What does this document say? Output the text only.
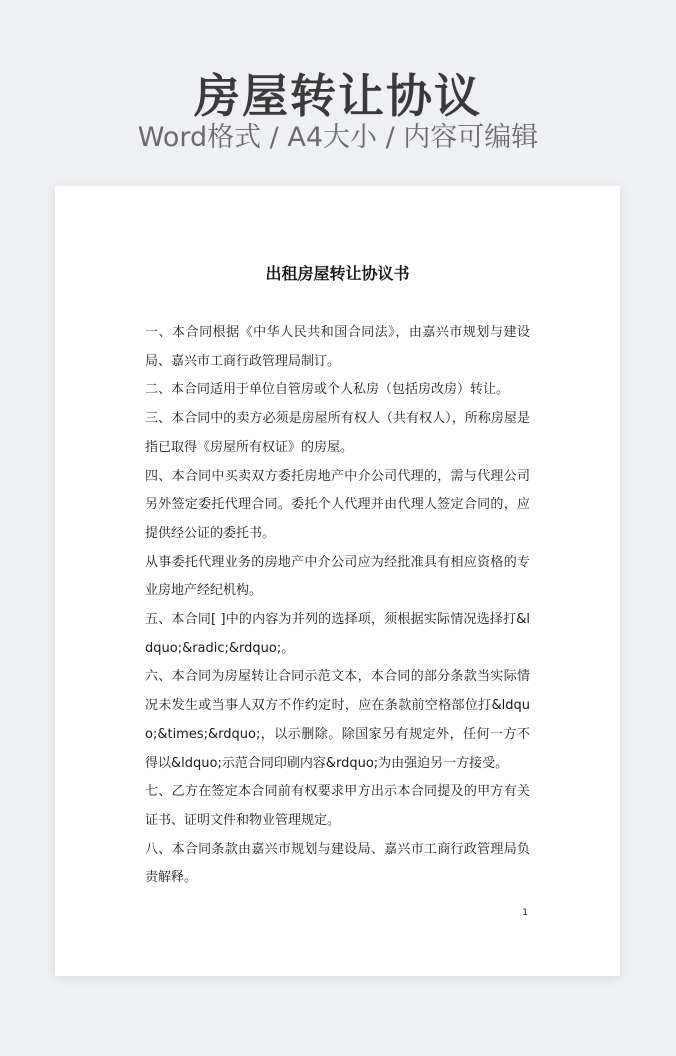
房屋转让协议
Word格式 / A4大小 / 内容可编辑
出租房屋转让协议书

一、本合同根据《中华人民共和国合同法》，由嘉兴市规划与建设局、嘉兴市工商行政管理局制订。

二、本合同适用于单位自管房或个人私房（包括房改房）转让。

三、本合同中的卖方必须是房屋所有权人（共有权人），所称房屋是指已取得《房屋所有权证》的房屋。

四、本合同中买卖双方委托房地产中介公司代理的，需与代理公司另外签定委托代理合同。委托个人代理并由代理人签定合同的，应提供经公证的委托书。

从事委托代理业务的房地产中介公司应为经批准具有相应资格的专业房地产经纪机构。

五、本合同[ ]中的内容为并列的选择项，须根据实际情况选择打&ldquo;&radic;&rdquo;。

六、本合同为房屋转让合同示范文本，本合同的部分条款当实际情况未发生或当事人双方不作约定时，应在条款前空格部位打&ldquo;&times;&rdquo;，以示删除。除国家另有规定外，任何一方不得以&ldquo;示范合同印刷内容&rdquo;为由强迫另一方接受。

七、乙方在签定本合同前有权要求甲方出示本合同提及的甲方有关证书、证明文件和物业管理规定。

八、本合同条款由嘉兴市规划与建设局、嘉兴市工商行政管理局负责解释。

1
